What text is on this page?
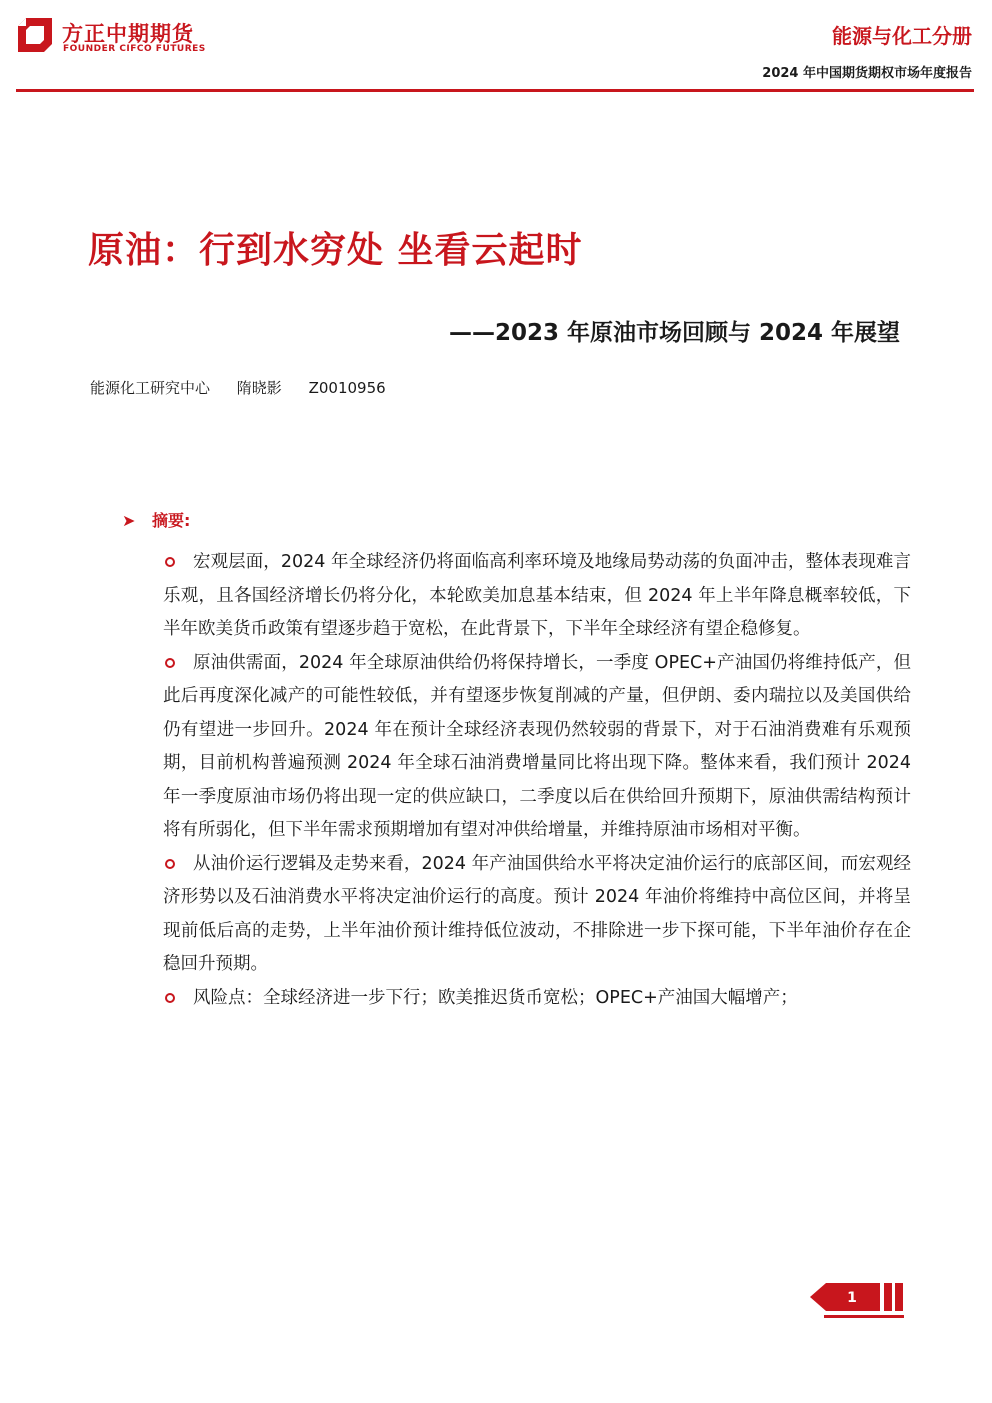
方正中期期货
FOUNDER CIFCO FUTURES
能源与化工分册
2024 年中国期货期权市场年度报告
原油：行到水穷处 坐看云起时
——2023 年原油市场回顾与 2024 年展望
能源化工研究中心 隋晓影 Z0010956
➤ 摘要:

宏观层面，2024 年全球经济仍将面临高利率环境及地缘局势动荡的负面冲击，整体表现难言乐观，且各国经济增长仍将分化，本轮欧美加息基本结束，但 2024 年上半年降息概率较低，下半年欧美货币政策有望逐步趋于宽松，在此背景下，下半年全球经济有望企稳修复。

原油供需面，2024 年全球原油供给仍将保持增长，一季度 OPEC+产油国仍将维持低产，但此后再度深化减产的可能性较低，并有望逐步恢复削减的产量，但伊朗、委内瑞拉以及美国供给仍有望进一步回升。2024 年在预计全球经济表现仍然较弱的背景下，对于石油消费难有乐观预期，目前机构普遍预测 2024 年全球石油消费增量同比将出现下降。整体来看，我们预计 2024 年一季度原油市场仍将出现一定的供应缺口，二季度以后在供给回升预期下，原油供需结构预计将有所弱化，但下半年需求预期增加有望对冲供给增量，并维持原油市场相对平衡。

从油价运行逻辑及走势来看，2024 年产油国供给水平将决定油价运行的底部区间，而宏观经济形势以及石油消费水平将决定油价运行的高度。预计 2024 年油价将维持中高位区间，并将呈现前低后高的走势，上半年油价预计维持低位波动，不排除进一步下探可能，下半年油价存在企稳回升预期。

风险点：全球经济进一步下行；欧美推迟货币宽松；OPEC+产油国大幅增产；

1
